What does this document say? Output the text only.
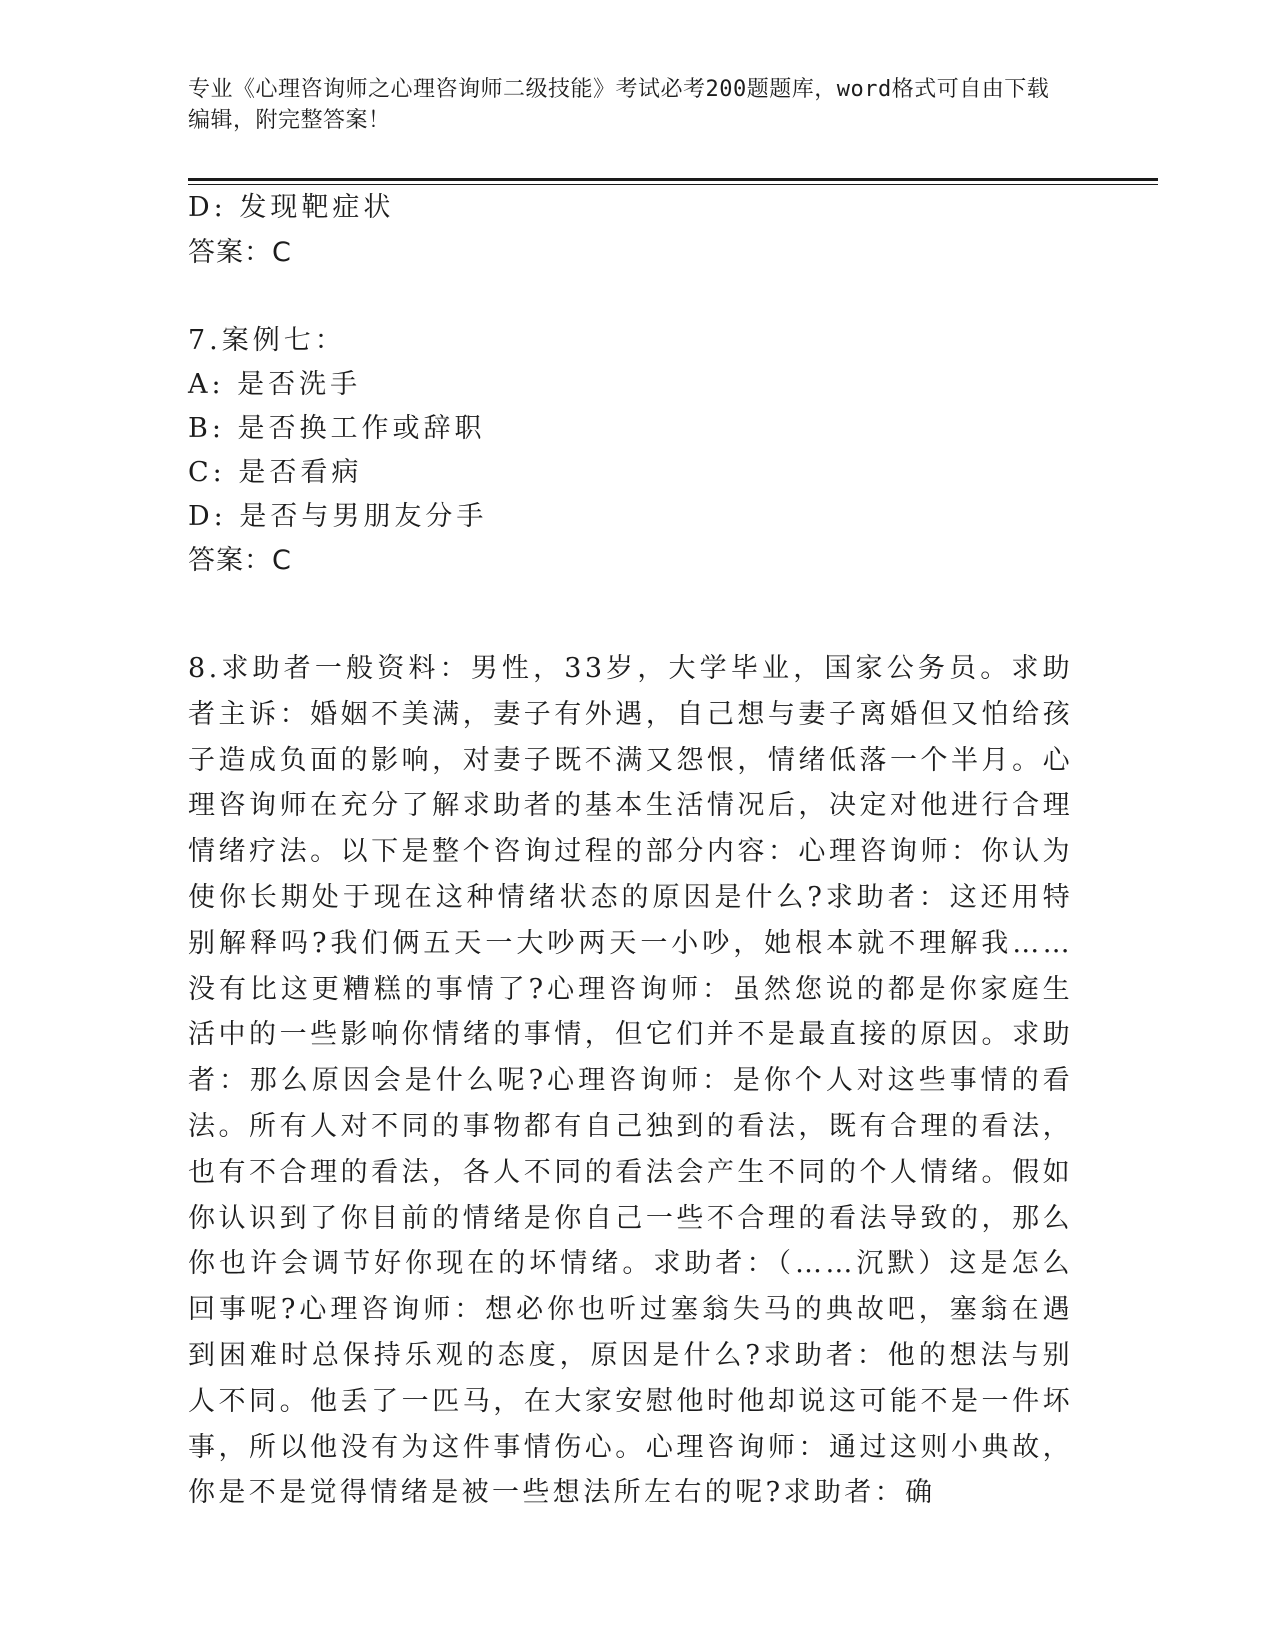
专业《心理咨询师之心理咨询师二级技能》考试必考200题题库，word格式可自由下载编辑，附完整答案！
D: 发现靶症状
答案：C
7.案例七：
A: 是否洗手
B: 是否换工作或辞职
C: 是否看病
D: 是否与男朋友分手
答案：C
8.求助者一般资料：男性，33岁，大学毕业，国家公务员。求助者主诉：婚姻不美满，妻子有外遇，自己想与妻子离婚但又怕给孩子造成负面的影响，对妻子既不满又怨恨，情绪低落一个半月。心理咨询师在充分了解求助者的基本生活情况后，决定对他进行合理情绪疗法。以下是整个咨询过程的部分内容：心理咨询师：你认为使你长期处于现在这种情绪状态的原因是什么?求助者：这还用特别解释吗?我们俩五天一大吵两天一小吵，她根本就不理解我……没有比这更糟糕的事情了?心理咨询师：虽然您说的都是你家庭生活中的一些影响你情绪的事情，但它们并不是最直接的原因。求助者：那么原因会是什么呢?心理咨询师：是你个人对这些事情的看法。所有人对不同的事物都有自己独到的看法，既有合理的看法，也有不合理的看法，各人不同的看法会产生不同的个人情绪。假如你认识到了你目前的情绪是你自己一些不合理的看法导致的，那么你也许会调节好你现在的坏情绪。求助者：（……沉默）这是怎么回事呢?心理咨询师：想必你也听过塞翁失马的典故吧，塞翁在遇到困难时总保持乐观的态度，原因是什么?求助者：他的想法与别人不同。他丢了一匹马，在大家安慰他时他却说这可能不是一件坏事，所以他没有为这件事情伤心。心理咨询师：通过这则小典故，你是不是觉得情绪是被一些想法所左右的呢?求助者：确
